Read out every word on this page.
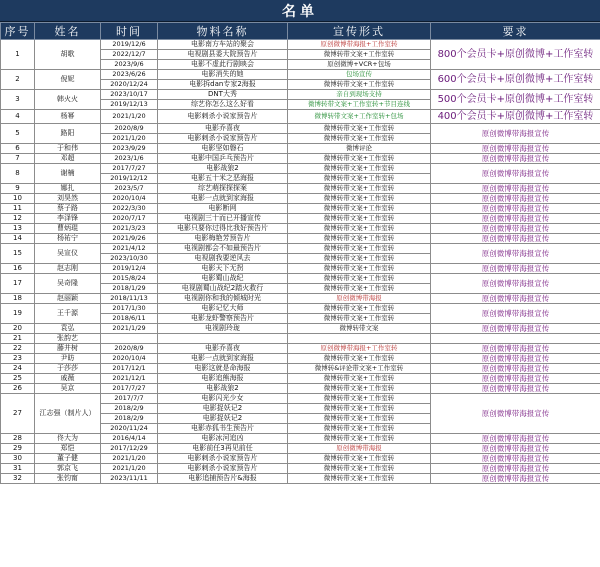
名单
序号	姓名	时间	物料名称	宣传形式	要求
1	胡歌	2019/12/6	电影南方车站的聚会	原创微博带海报+工作室转	800个会员卡+原创微博+工作室转
		2022/12/7	电视剧县委大院预告片	微博转带文案+工作室转	
		2023/9/6	电影不虚此行剧映会	原创微博+VCR+包场	
2	倪妮	2023/6/26	电影消失的她	包场宣传	600个会员卡+原创微博+工作室转
		2020/12/24	电影拆dan专家2海报	微博转带文案+工作室转	
3	韩火火	2023/10/17	DNT大秀	亲自到现场支持	500个会员卡+原创微博+工作室转
		2019/12/13	综艺你怎么这么好看	微博转带文案+工作室转+节目连线	
4	杨幂	2021/1/20	电影刺杀小说家预告片	微博转带文案+工作室转+包场	400个会员卡+原创微博+工作室转
5	路阳	2020/8/9	电影乔喜夜	微博转带文案+工作室转	原创微博带海报宣传
		2021/1/20	电影刺杀小说家预告片	微博转带文案+工作室转	
6	于和伟	2023/9/29	电影坚如磐石	微博评论	原创微博带海报宣传
7	邓超	2023/1/6	电影中国乒乓预告片	微博转带文案+工作室转	原创微博带海报宣传
8	谢楠	2017/7/27	电影战狼2	微博转带文案+工作室转	原创微博带海报宣传
		2019/12/12	电影五十米之恶海报	微博转带文案+工作室转	
9	娜扎	2023/5/7	综艺萌探探探案	微博转带文案+工作室转	原创微博带海报宣传
10	刘昊然	2020/10/4	电影一点就到家海报	微博转带文案+工作室转	原创微博带海报宣传
11	蔡子路	2022/3/30	电影断网	微博转带文案+工作室转	原创微博带海报宣传
12	李泽锋	2020/7/17	电视剧三十而已开播宣传	微博转带文案+工作室转	原创微博带海报宣传
13	曹炳琨	2021/3/23	电影只要你过得比我好预告片	微博转带文案+工作室转	原创微博带海报宣传
14	杨祐宁	2021/9/26	电影梅艳芳预告片	微博转带文案+工作室转	原创微博带海报宣传
15	吴宣仪	2021/4/12	电视剧都会不如最预告片	微博转带文案+工作室转	原创微博带海报宣传
		2023/10/30	电视剧我要逆风去	微博转带文案+工作室转	
16	赵志刚	2019/12/4	电影天下无拐	微博转带文案+工作室转	原创微博带海报宣传
17	吴奇隆	2015/8/24	电影蜀山战纪	微博转带文案+工作室转	原创微博带海报宣传
		2018/1/29	电视剧蜀山战纪2踏火救行	微博转带文案+工作室转	
18	赵丽颖	2018/11/13	电视剧你和我的倾城时光	原创微博带海报	原创微博带海报宣传
19	王千源	2017/1/30	电影记忆大师	微博转带文案+工作室转	原创微博带海报宣传
		2018/6/11	电影龙虾警察预告片	微博转带文案+工作室转	
20	袁弘	2021/1/29	电视剧玲珑	微博转带文案	原创微博带海报宣传
21	张韵艺				
22	藤井树	2020/8/9	电影乔喜夜	原创微博带海报+工作室转	原创微博带海报宣传
23	尹昉	2020/10/4	电影一点就到家海报	微博转带文案+工作室转	原创微博带海报宣传
24	于莎莎	2017/12/1	电影这就是命海报	微博转&评论带文案+工作室转	原创微博带海报宣传
25	戚薇	2021/12/1	电影追熊海报	微博转带文案+工作室转	原创微博带海报宣传
26	吴京	2017/7/27	电影战狼2	微博转带文案+工作室转	原创微博带海报宣传
27	江志强（制片人）	2017/7/7	电影闪光少女	微博转带文案+工作室转	原创微博带海报宣传
		2018/2/9	电影捉妖记2	微博转带文案+工作室转	
		2018/2/9	电影捉妖记2	微博转带文案+工作室转	
		2020/11/24	电影赤狐书生预告片	微博转带文案+工作室转	
28	佟大为	2016/4/14	电影冰河追凶	微博转带文案+工作室转	原创微博带海报宣传
29	郑恺	2017/12/29	电影前任3再见前任	原创微博带海报	原创微博带海报宣传
30	董子健	2021/1/20	电影刺杀小说家预告片	微博转带文案+工作室转	原创微博带海报宣传
31	郭京飞	2021/1/20	电影刺杀小说家预告片	微博转带文案+工作室转	原创微博带海报宣传
32	张钧甯	2023/11/11	电影追捕预告片&海报	微博转带文案+工作室转	原创微博带海报宣传
